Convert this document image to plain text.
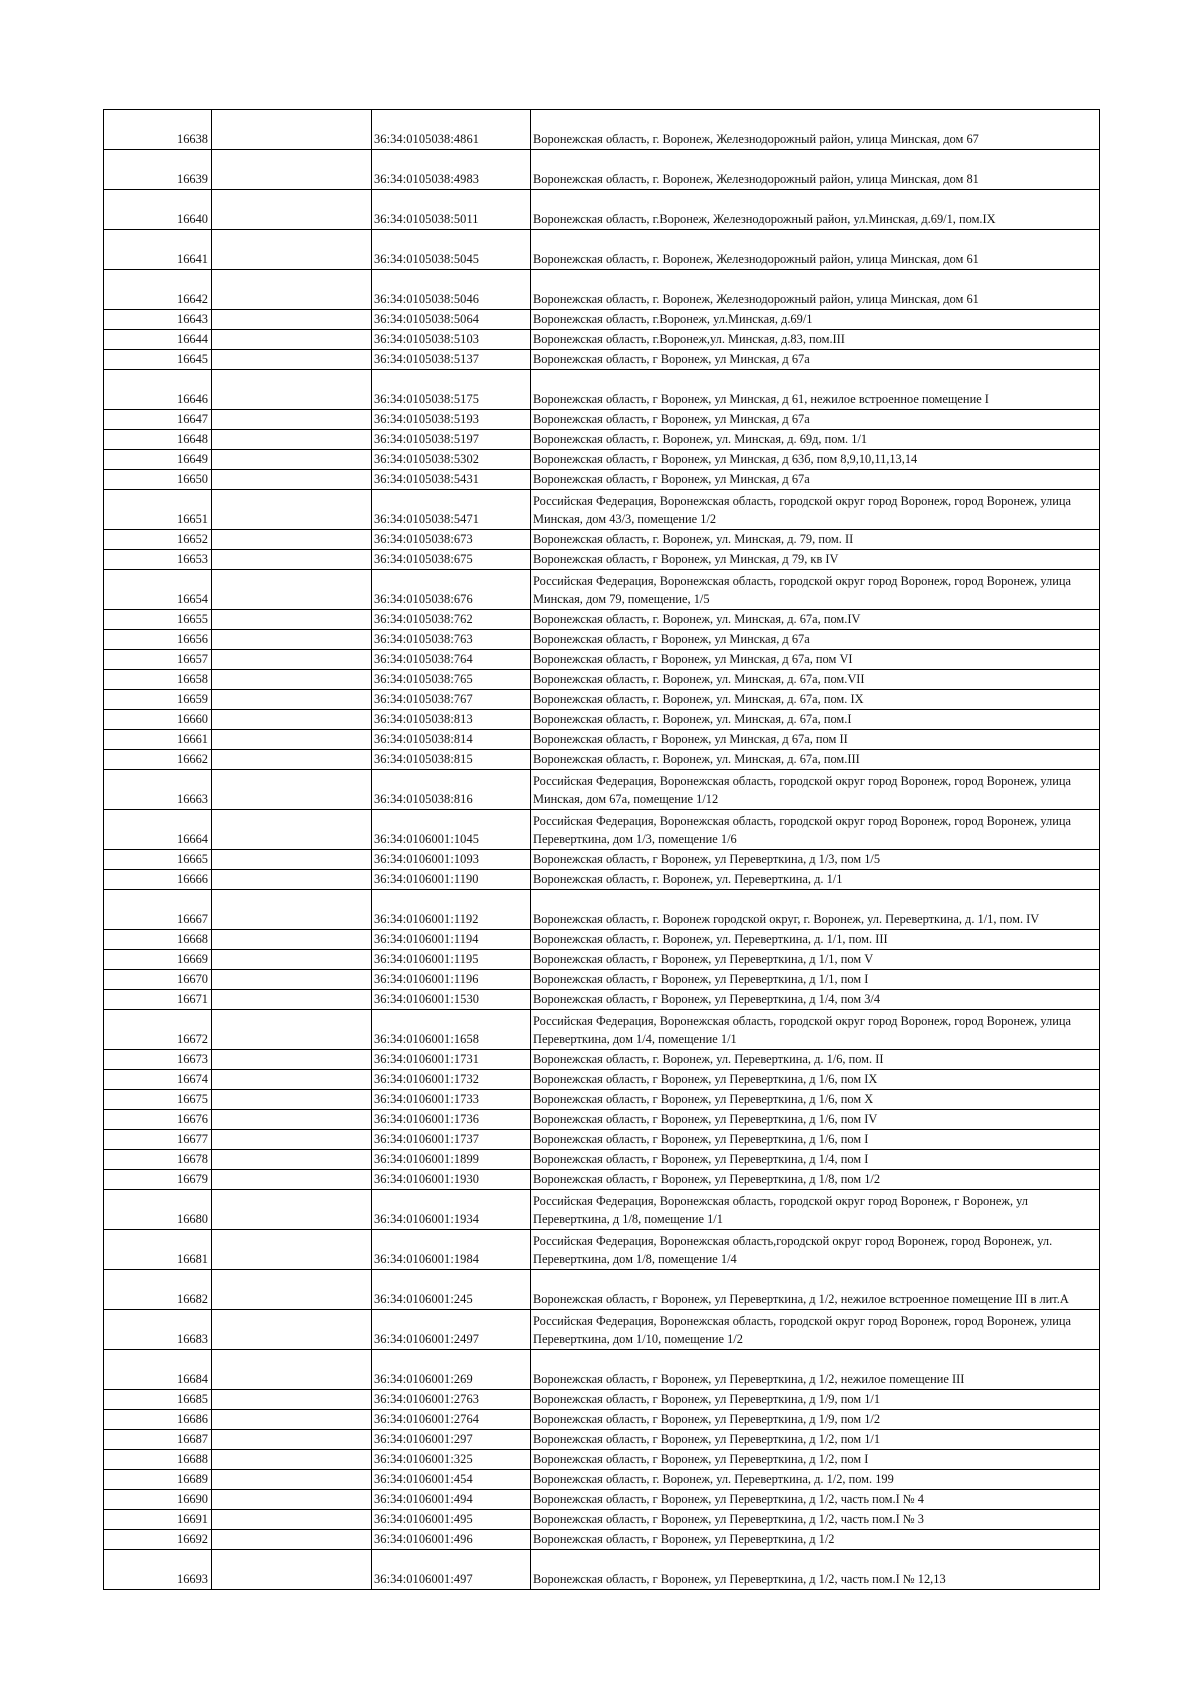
16638		36:34:0105038:4861	Воронежская область, г. Воронеж, Железнодорожный район, улица Минская, дом 67
16639		36:34:0105038:4983	Воронежская область, г. Воронеж, Железнодорожный район, улица Минская, дом 81
16640		36:34:0105038:5011	Воронежская область, г.Воронеж, Железнодорожный район, ул.Минская, д.69/1, пом.IX
16641		36:34:0105038:5045	Воронежская область, г. Воронеж, Железнодорожный район, улица Минская, дом 61
16642		36:34:0105038:5046	Воронежская область, г. Воронеж, Железнодорожный район, улица Минская, дом 61
16643		36:34:0105038:5064	Воронежская область, г.Воронеж, ул.Минская, д.69/1
16644		36:34:0105038:5103	Воронежская область, г.Воронеж,ул. Минская, д.83, пом.III
16645		36:34:0105038:5137	Воронежская область, г Воронеж, ул Минская, д 67а
16646		36:34:0105038:5175	Воронежская область, г Воронеж, ул Минская, д 61, нежилое встроенное помещение I
16647		36:34:0105038:5193	Воронежская область, г Воронеж, ул Минская, д 67а
16648		36:34:0105038:5197	Воронежская область, г. Воронеж, ул. Минская, д. 69д, пом. 1/1
16649		36:34:0105038:5302	Воронежская область, г Воронеж, ул Минская, д 63б, пом 8,9,10,11,13,14
16650		36:34:0105038:5431	Воронежская область, г Воронеж, ул Минская, д 67а
16651		36:34:0105038:5471	Российская Федерация, Воронежская область, городской округ город Воронеж, город Воронеж, улица Минская, дом 43/3, помещение 1/2
16652		36:34:0105038:673	Воронежская область, г. Воронеж, ул. Минская, д. 79, пом. II
16653		36:34:0105038:675	Воронежская область, г Воронеж, ул Минская, д 79, кв IV
16654		36:34:0105038:676	Российская Федерация, Воронежская область, городской округ город Воронеж, город Воронеж, улица Минская, дом 79, помещение, 1/5
16655		36:34:0105038:762	Воронежская область, г. Воронеж, ул. Минская, д. 67а, пом.IV
16656		36:34:0105038:763	Воронежская область, г Воронеж, ул Минская, д 67а
16657		36:34:0105038:764	Воронежская область, г Воронеж, ул Минская, д 67а, пом VI
16658		36:34:0105038:765	Воронежская область, г. Воронеж, ул. Минская, д. 67а, пом.VII
16659		36:34:0105038:767	Воронежская область, г. Воронеж, ул. Минская, д. 67а, пом. IX
16660		36:34:0105038:813	Воронежская область, г. Воронеж, ул. Минская, д. 67а, пом.I
16661		36:34:0105038:814	Воронежская область, г Воронеж, ул Минская, д 67а, пом II
16662		36:34:0105038:815	Воронежская область, г. Воронеж, ул. Минская, д. 67а, пом.III
16663		36:34:0105038:816	Российская Федерация, Воронежская область, городской округ город Воронеж, город Воронеж, улица Минская, дом 67а, помещение 1/12
16664		36:34:0106001:1045	Российская Федерация, Воронежская область, городской округ город Воронеж, город Воронеж, улица Переверткина, дом 1/3, помещение 1/6
16665		36:34:0106001:1093	Воронежская область, г Воронеж, ул Переверткина, д 1/3, пом 1/5
16666		36:34:0106001:1190	Воронежская область, г. Воронеж, ул. Переверткина, д. 1/1
16667		36:34:0106001:1192	Воронежская область, г. Воронеж городской округ, г. Воронеж, ул. Переверткина, д. 1/1, пом. IV
16668		36:34:0106001:1194	Воронежская область, г. Воронеж, ул. Переверткина, д. 1/1, пом. III
16669		36:34:0106001:1195	Воронежская область, г Воронеж, ул Переверткина, д 1/1, пом V
16670		36:34:0106001:1196	Воронежская область, г Воронеж, ул Переверткина, д 1/1, пом I
16671		36:34:0106001:1530	Воронежская область, г Воронеж, ул Переверткина, д 1/4, пом 3/4
16672		36:34:0106001:1658	Российская Федерация, Воронежская область, городской округ город Воронеж, город Воронеж, улица Переверткина, дом 1/4, помещение 1/1
16673		36:34:0106001:1731	Воронежская область, г. Воронеж, ул. Переверткина, д. 1/6, пом. II
16674		36:34:0106001:1732	Воронежская область, г Воронеж, ул Переверткина, д 1/6, пом IX
16675		36:34:0106001:1733	Воронежская область, г Воронеж, ул Переверткина, д 1/6, пом X
16676		36:34:0106001:1736	Воронежская область, г Воронеж, ул Переверткина, д 1/6, пом IV
16677		36:34:0106001:1737	Воронежская область, г Воронеж, ул Переверткина, д 1/6, пом I
16678		36:34:0106001:1899	Воронежская область, г Воронеж, ул Переверткина, д 1/4, пом I
16679		36:34:0106001:1930	Воронежская область, г Воронеж, ул Переверткина, д 1/8, пом 1/2
16680		36:34:0106001:1934	Российская Федерация, Воронежская область, городской округ город Воронеж, г Воронеж, ул Переверткина, д 1/8, помещение 1/1
16681		36:34:0106001:1984	Российская Федерация, Воронежская область,городской округ город Воронеж, город Воронеж, ул. Переверткина, дом 1/8, помещение 1/4
16682		36:34:0106001:245	Воронежская область, г Воронеж, ул Переверткина, д 1/2, нежилое встроенное помещение III в лит.А
16683		36:34:0106001:2497	Российская Федерация, Воронежская область, городской округ город Воронеж, город Воронеж, улица Переверткина, дом 1/10, помещение 1/2
16684		36:34:0106001:269	Воронежская область, г Воронеж, ул Переверткина, д 1/2, нежилое помещение III
16685		36:34:0106001:2763	Воронежская область, г Воронеж, ул Переверткина, д 1/9, пом 1/1
16686		36:34:0106001:2764	Воронежская область, г Воронеж, ул Переверткина, д 1/9, пом 1/2
16687		36:34:0106001:297	Воронежская область, г Воронеж, ул Переверткина, д 1/2, пом 1/1
16688		36:34:0106001:325	Воронежская область, г Воронеж, ул Переверткина, д 1/2, пом I
16689		36:34:0106001:454	Воронежская область, г. Воронеж, ул. Переверткина, д. 1/2, пом. 199
16690		36:34:0106001:494	Воронежская область, г Воронеж, ул Переверткина, д 1/2, часть пом.I № 4
16691		36:34:0106001:495	Воронежская область, г Воронеж, ул Переверткина, д 1/2, часть пом.I № 3
16692		36:34:0106001:496	Воронежская область, г Воронеж, ул Переверткина, д 1/2
16693		36:34:0106001:497	Воронежская область, г Воронеж, ул Переверткина, д 1/2, часть пом.I № 12,13
